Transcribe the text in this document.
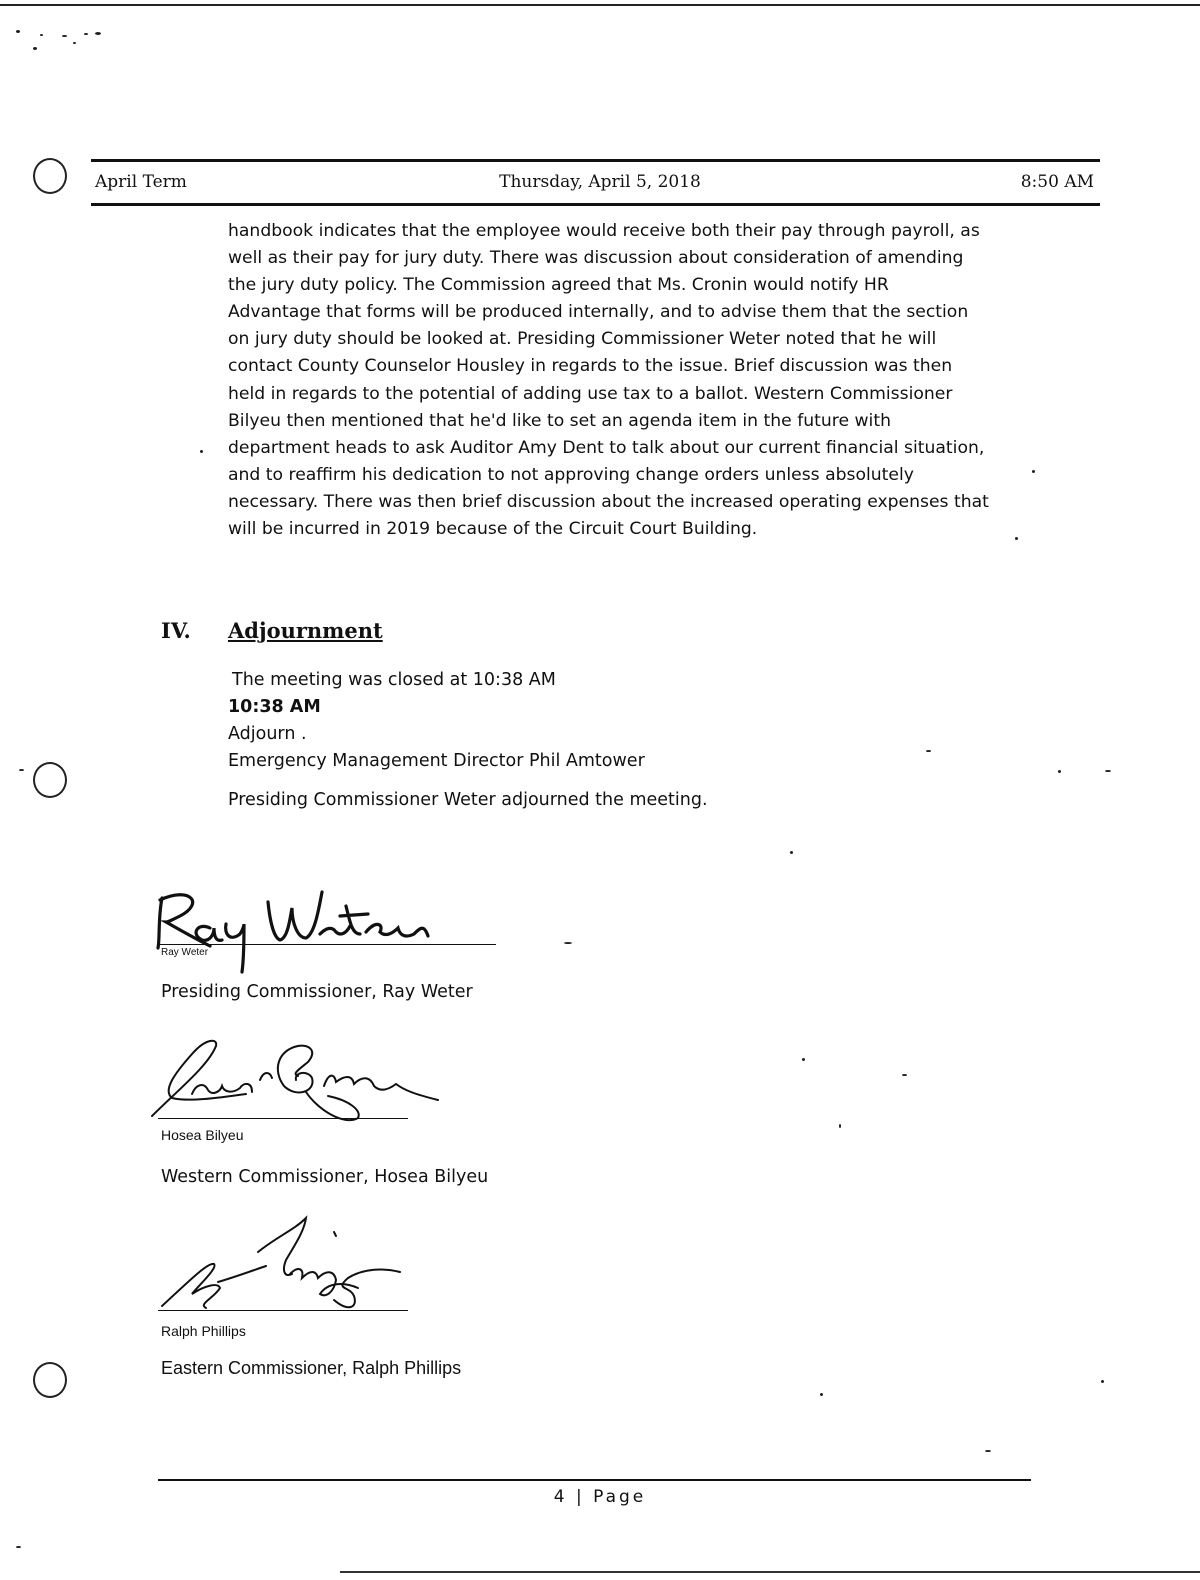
April Term	Thursday, April 5, 2018	8:50 AM
handbook indicates that the employee would receive both their pay through payroll, as
well as their pay for jury duty. There was discussion about consideration of amending
the jury duty policy. The Commission agreed that Ms. Cronin would notify HR
Advantage that forms will be produced internally, and to advise them that the section
on jury duty should be looked at. Presiding Commissioner Weter noted that he will
contact County Counselor Housley in regards to the issue. Brief discussion was then
held in regards to the potential of adding use tax to a ballot. Western Commissioner
Bilyeu then mentioned that he'd like to set an agenda item in the future with
department heads to ask Auditor Amy Dent to talk about our current financial situation,
and to reaffirm his dedication to not approving change orders unless absolutely
necessary. There was then brief discussion about the increased operating expenses that
will be incurred in 2019 because of the Circuit Court Building.
IV. Adjournment
The meeting was closed at 10:38 AM
10:38 AM
Adjourn .
Emergency Management Director Phil Amtower
Presiding Commissioner Weter adjourned the meeting.
Ray Weter
Presiding Commissioner, Ray Weter
Hosea Bilyeu
Western Commissioner, Hosea Bilyeu
Ralph Phillips
Eastern Commissioner, Ralph Phillips
4 | Page
